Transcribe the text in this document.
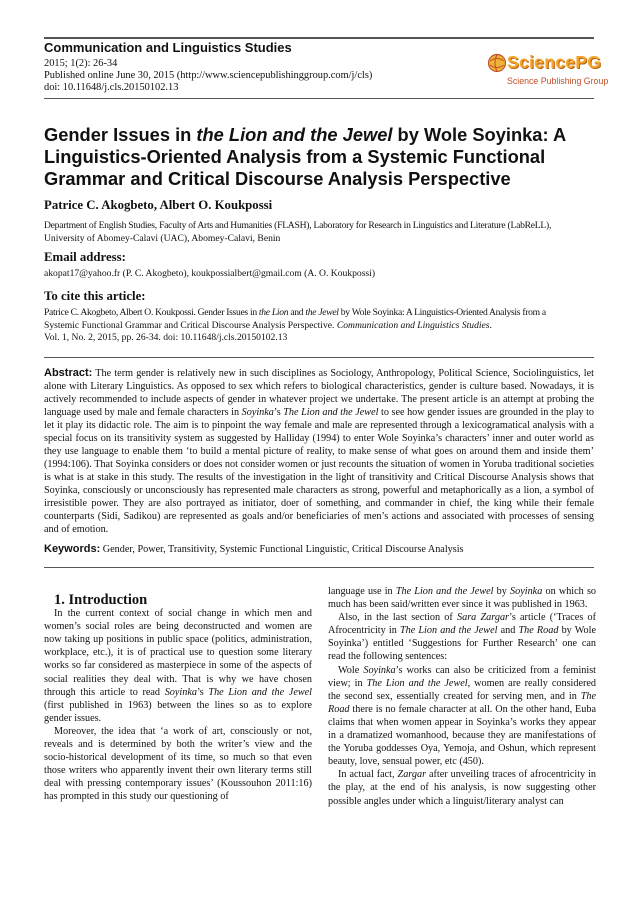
Communication and Linguistics Studies
2015; 1(2): 26-34
Published online June 30, 2015 (http://www.sciencepublishinggroup.com/j/cls)
doi: 10.11648/j.cls.20150102.13
SciencePG
Science Publishing Group
Gender Issues in the Lion and the Jewel by Wole Soyinka: A
Linguistics-Oriented Analysis from a Systemic Functional
Grammar and Critical Discourse Analysis Perspective
Patrice C. Akogbeto, Albert O. Koukpossi
Department of English Studies, Faculty of Arts and Humanities (FLASH), Laboratory for Research in Linguistics and Literature (LabReLL),
University of Abomey-Calavi (UAC), Abomey-Calavi, Benin
Email address:
akopat17@yahoo.fr (P. C. Akogbeto), koukpossialbert@gmail.com (A. O. Koukpossi)
To cite this article:
Patrice C. Akogbeto, Albert O. Koukpossi. Gender Issues in the Lion and the Jewel by Wole Soyinka: A Linguistics-Oriented Analysis from a
Systemic Functional Grammar and Critical Discourse Analysis Perspective. Communication and Linguistics Studies.
Vol. 1, No. 2, 2015, pp. 26-34. doi: 10.11648/j.cls.20150102.13
Abstract: The term gender is relatively new in such disciplines as Sociology, Anthropology, Political Science, Sociolinguistics, let alone with Literary Linguistics. As opposed to sex which refers to biological characteristics, gender is culture based. Nowadays, it is actively recommended to include aspects of gender in whatever project we undertake. The present article is an attempt at probing the language used by male and female characters in Soyinka’s The Lion and the Jewel to see how gender issues are grounded in the play to let it play its didactic role. The aim is to pinpoint the way female and male are represented through a lexicogramatical analysis with a special focus on its transitivity system as suggested by Halliday (1994) to enter Wole Soyinka’s characters’ inner and outer world as they use language to enable them ‘to build a mental picture of reality, to make sense of what goes on around them and inside them’ (1994:106). That Soyinka considers or does not consider women or just recounts the situation of women in Yoruba traditional societies is what is at stake in this study. The results of the investigation in the light of transitivity and Critical Discourse Analysis shows that Soyinka, consciously or unconsciously has represented male characters as strong, powerful and metaphorically as a lion, a symbol of irresistible power. They are also portrayed as initiator, doer of something, and commander in chief, the king while their female counterparts (Sidi, Sadikou) are represented as goals and/or beneficiaries of men’s actions and associated with processes of sensing and of emotion.
Keywords: Gender, Power, Transitivity, Systemic Functional Linguistic, Critical Discourse Analysis

1. Introduction

In the current context of social change in which men and women’s social roles are being deconstructed and women are now taking up positions in public space (politics, administration, workplace, etc.), it is of practical use to question some literary works so far considered as masterpiece in some of the aspects of social realities they deal with. That is why we have chosen through this article to read Soyinka’s The Lion and the Jewel (first published in 1963) between the lines so as to explore gender issues.

Moreover, the idea that ‘a work of art, consciously or not, reveals and is determined by both the writer’s view and the socio-historical development of its time, so much so that even those writers who apparently invent their own literary terms still deal with pressing contemporary issues’ (Koussouhon 2011:16) has prompted in this study our questioning of

language use in The Lion and the Jewel by Soyinka on which so much has been said/written ever since it was published in 1963.

Also, in the last section of Sara Zargar’s article (‘Traces of Afrocentricity in The Lion and the Jewel and The Road by Wole Soyinka’) entitled ‘Suggestions for Further Research’ one can read the following sentences:

Wole Soyinka’s works can also be criticized from a feminist view; in The Lion and the Jewel, women are really considered the second sex, essentially created for serving men, and in The Road there is no female character at all. On the other hand, Euba claims that when women appear in Soyinka’s works they appear in a dramatized womanhood, because they are manifestations of the Yoruba goddesses Oya, Yemoja, and Oshun, which represent beauty, love, sensual power, etc (450).

In actual fact, Zargar after unveiling traces of afrocentricity in the play, at the end of his analysis, is now suggesting other possible angles under which a linguist/literary analyst can
